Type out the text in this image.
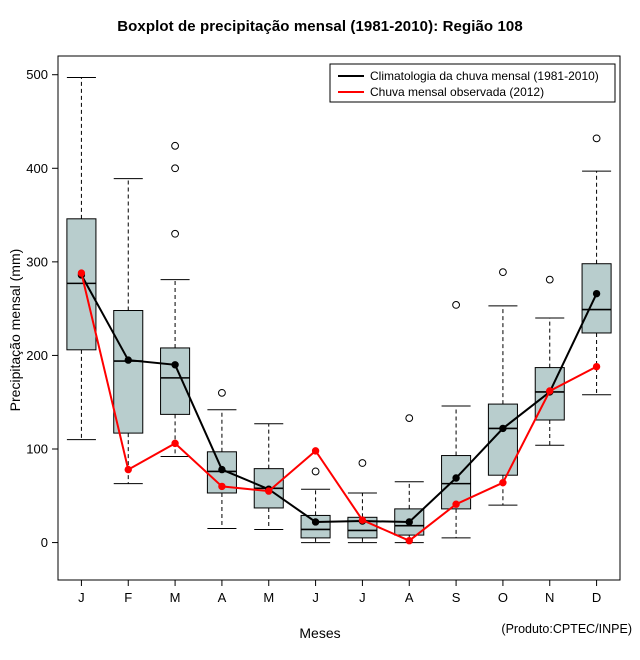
Boxplot de precipitação mensal (1981-2010): Região 108
0
100
200
300
400
500
J	F	M	A	M	J	J	A	S	O	N	D
Climatologia da chuva mensal (1981-2010)
Chuva mensal observada (2012)
Precipitação mensal (mm)
Meses	(Produto:CPTEC/INPE)
